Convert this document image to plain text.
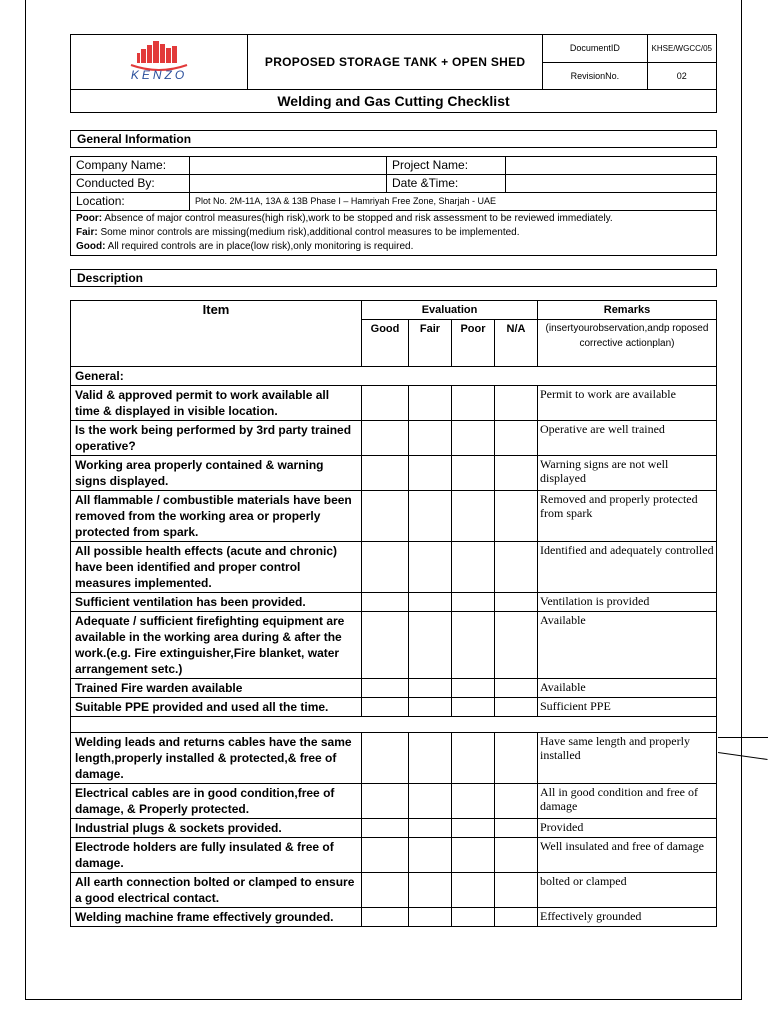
KENZO	PROPOSED STORAGE TANK + OPEN SHED	DocumentID	KHSE/WGCC/05
		RevisionNo.	02
Welding and Gas Cutting Checklist			
General Information
Company Name:		Project Name:	
Conducted By:		Date &Time:	
Location:	Plot No. 2M-11A, 13A & 13B Phase I – Hamriyah Free Zone, Sharjah - UAE		

Poor: Absence of major control measures(high risk),work to be stopped and risk assessment to be reviewed immediately.
Fair: Some minor controls are missing(medium risk),additional control measures to be implemented.
Good: All required controls are in place(low risk),only monitoring is required.			
Description
Item	Evaluation				Remarks
	Good	Fair	Poor	N/A	(insertyourobservation,andp roposed corrective actionplan)
General:					
Valid & approved permit to work available all time & displayed in visible location.					Permit to work are available
Is the work being performed by 3rd party trained operative?					Operative are well trained
Working area properly contained & warning signs displayed.					Warning signs are not well displayed
All flammable / combustible materials have been removed from the working area or properly protected from spark.					Removed and properly protected from spark
All possible health effects (acute and chronic) have been identified and proper control measures implemented.					Identified and adequately controlled
Sufficient ventilation has been provided.					Ventilation is provided
Adequate / sufficient firefighting equipment are available in the working area during & after the work.(e.g. Fire extinguisher,Fire blanket, water arrangement setc.)					Available
Trained Fire warden available					Available
Suitable PPE provided and used all the time.					Sufficient PPE

Welding leads and returns cables have the same length,properly installed & protected,& free of damage.					Have same length and properly installed
Electrical cables are in good condition,free of damage, & Properly protected.					All in good condition and free of damage
Industrial plugs & sockets provided.					Provided
Electrode holders are fully insulated & free of damage.					Well insulated and free of damage
All earth connection bolted or clamped to ensure a good electrical contact.					bolted or clamped
Welding machine frame effectively grounded.					Effectively grounded
